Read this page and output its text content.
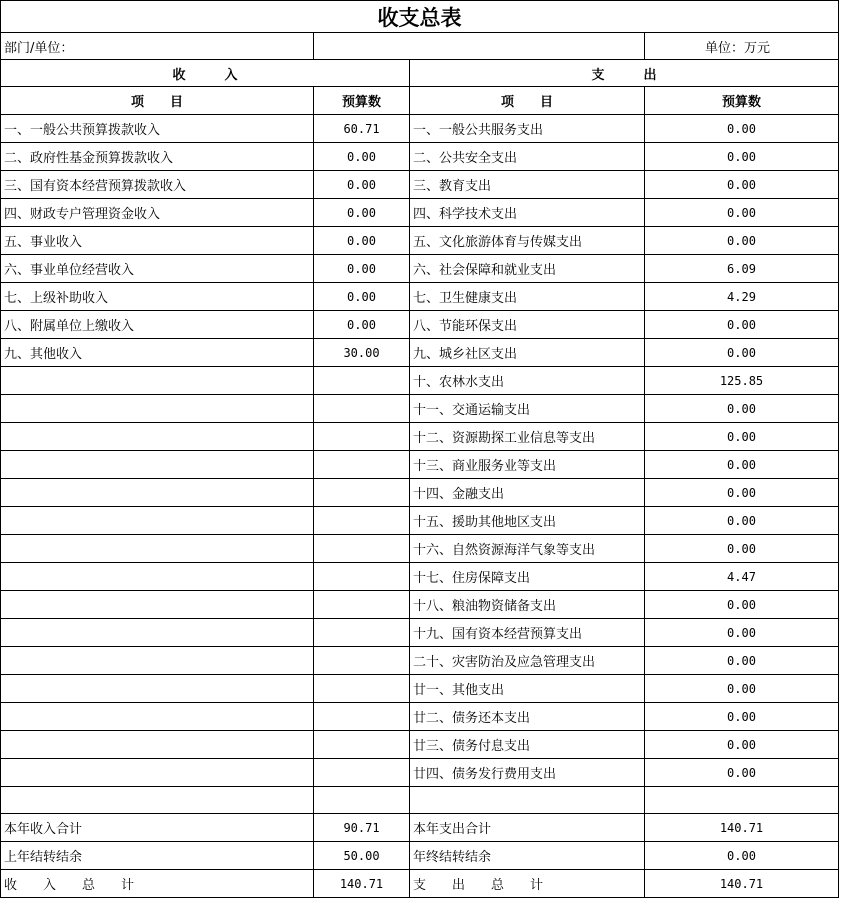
收支总表			
部门/单位：			单位：万元
收　　　入		支　　　出	
项　　目	预算数	项　　目	预算数
一、一般公共预算拨款收入	60.71	一、一般公共服务支出	0.00
二、政府性基金预算拨款收入	0.00	二、公共安全支出	0.00
三、国有资本经营预算拨款收入	0.00	三、教育支出	0.00
四、财政专户管理资金收入	0.00	四、科学技术支出	0.00
五、事业收入	0.00	五、文化旅游体育与传媒支出	0.00
六、事业单位经营收入	0.00	六、社会保障和就业支出	6.09
七、上级补助收入	0.00	七、卫生健康支出	4.29
八、附属单位上缴收入	0.00	八、节能环保支出	0.00
九、其他收入	30.00	九、城乡社区支出	0.00
		十、农林水支出	125.85
		十一、交通运输支出	0.00
		十二、资源勘探工业信息等支出	0.00
		十三、商业服务业等支出	0.00
		十四、金融支出	0.00
		十五、援助其他地区支出	0.00
		十六、自然资源海洋气象等支出	0.00
		十七、住房保障支出	4.47
		十八、粮油物资储备支出	0.00
		十九、国有资本经营预算支出	0.00
		二十、灾害防治及应急管理支出	0.00
		廿一、其他支出	0.00
		廿二、债务还本支出	0.00
		廿三、债务付息支出	0.00
		廿四、债务发行费用支出	0.00

本年收入合计	90.71	本年支出合计	140.71
上年结转结余	50.00	年终结转结余	0.00
收　　入　　总　　计	140.71	支　　出　　总　　计	140.71
